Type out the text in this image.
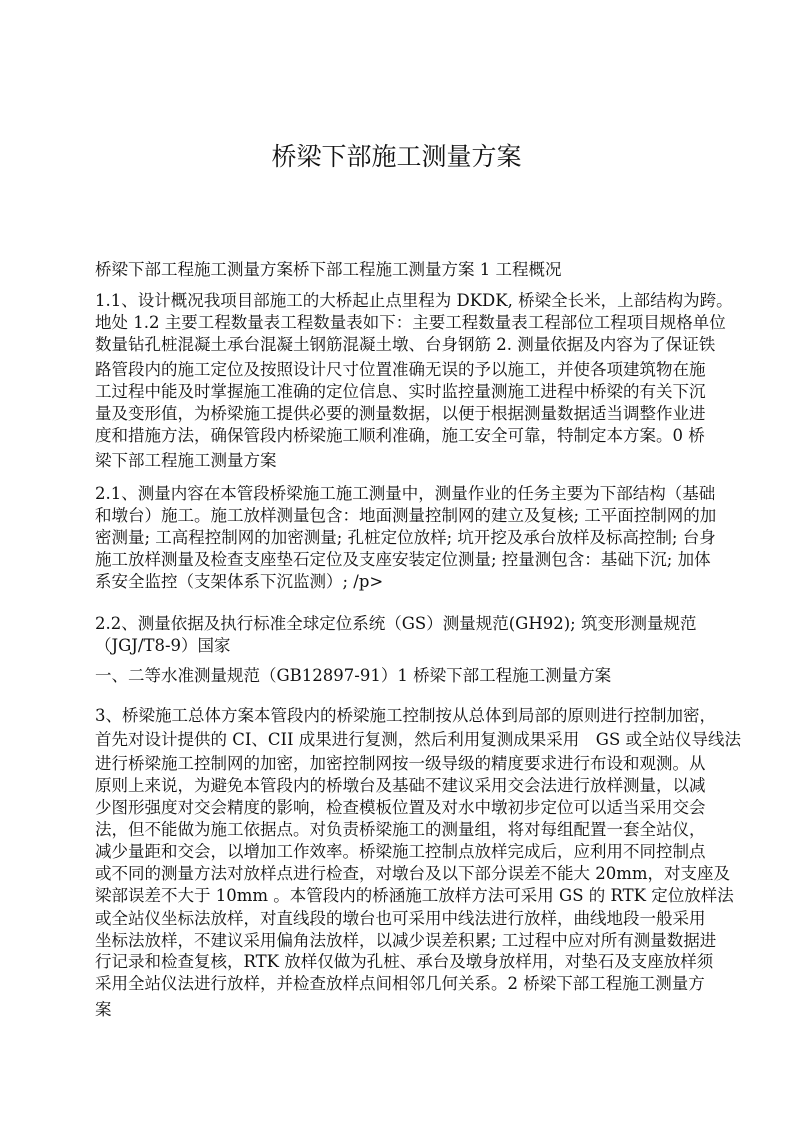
桥梁下部施工测量方案
桥梁下部工程施工测量方案桥下部工程施工测量方案 1 工程概况
1.1、设计概况我项目部施工的大桥起止点里程为 DKDK, 桥梁全长米，上部结构为跨。
地处 1.2 主要工程数量表工程数量表如下：主要工程数量表工程部位工程项目规格单位
数量钻孔桩混凝土承台混凝土钢筋混凝土墩、台身钢筋 2. 测量依据及内容为了保证铁
路管段内的施工定位及按照设计尺寸位置准确无误的予以施工，并使各项建筑物在施
工过程中能及时掌握施工准确的定位信息、实时监控量测施工进程中桥梁的有关下沉
量及变形值，为桥梁施工提供必要的测量数据，以便于根据测量数据适当调整作业进
度和措施方法，确保管段内桥梁施工顺利准确，施工安全可靠，特制定本方案。0 桥
梁下部工程施工测量方案
2.1、测量内容在本管段桥梁施工施工测量中，测量作业的任务主要为下部结构（基础
和墩台）施工。施工放样测量包含：地面测量控制网的建立及复核; 工平面控制网的加
密测量; 工高程控制网的加密测量; 孔桩定位放样; 坑开挖及承台放样及标高控制; 台身
施工放样测量及检查支座垫石定位及支座安装定位测量; 控量测包含：基础下沉; 加体
系安全监控（支架体系下沉监测）; /p>
2.2、测量依据及执行标准全球定位系统（GS）测量规范(GH92); 筑变形测量规范
（JGJ/T8-9）国家
一、二等水准测量规范（GB12897-91）1 桥梁下部工程施工测量方案
3、桥梁施工总体方案本管段内的桥梁施工控制按从总体到局部的原则进行控制加密，
首先对设计提供的 CI、CII 成果进行复测，然后利用复测成果采用　GS 或全站仪导线法
进行桥梁施工控制网的加密，加密控制网按一级导级的精度要求进行布设和观测。从
原则上来说，为避免本管段内的桥墩台及基础不建议采用交会法进行放样测量，以减
少图形强度对交会精度的影响，检查模板位置及对水中墩初步定位可以适当采用交会
法，但不能做为施工依据点。对负责桥梁施工的测量组，将对每组配置一套全站仪，
减少量距和交会，以增加工作效率。桥梁施工控制点放样完成后，应利用不同控制点
或不同的测量方法对放样点进行检查，对墩台及以下部分误差不能大 20mm，对支座及
梁部误差不大于 10mm 。本管段内的桥涵施工放样方法可采用 GS 的 RTK 定位放样法
或全站仪坐标法放样，对直线段的墩台也可采用中线法进行放样，曲线地段一般采用
坐标法放样，不建议采用偏角法放样，以减少误差积累; 工过程中应对所有测量数据进
行记录和检查复核，RTK 放样仅做为孔桩、承台及墩身放样用，对垫石及支座放样须
采用全站仪法进行放样，并检查放样点间相邻几何关系。2 桥梁下部工程施工测量方
案
